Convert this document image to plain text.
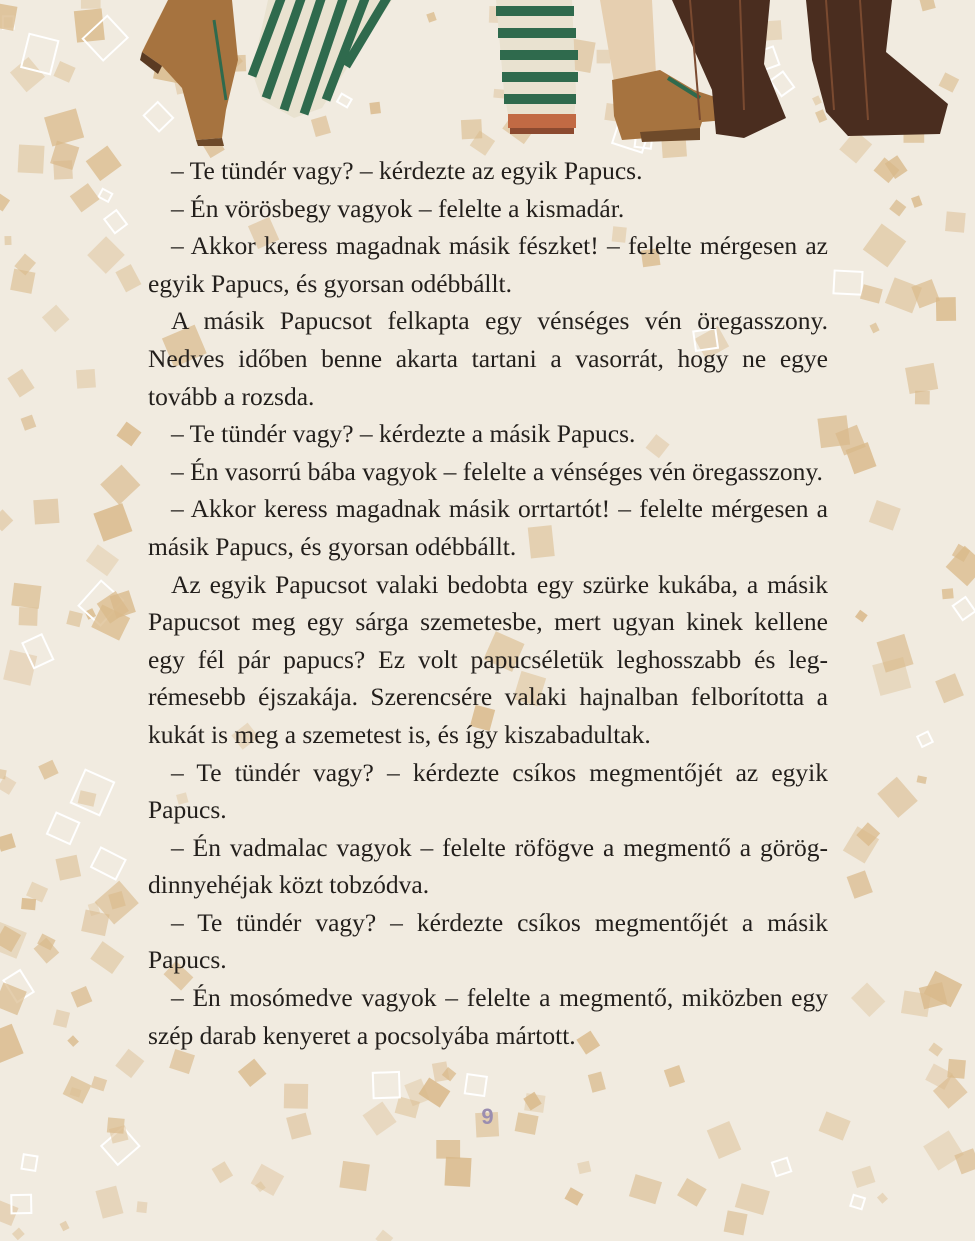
– Te tündér vagy? – kérdezte az egyik Papucs.

– Én vörösbegy vagyok – felelte a kismadár.

– Akkor keress magadnak másik fészket! – felelte mérgesen az egyik Papucs, és gyorsan odébbállt.

A másik Papucsot felkapta egy vénséges vén öregasszony. Nedves időben benne akarta tartani a vasorrát, hogy ne egye tovább a rozsda.

– Te tündér vagy? – kérdezte a másik Papucs.

– Én vasorrú bába vagyok – felelte a vénséges vén öregasszony.

– Akkor keress magadnak másik orrtartót! – felelte mérgesen a másik Papucs, és gyorsan odébbállt.

Az egyik Papucsot valaki bedobta egy szürke kukába, a másik Papucsot meg egy sárga szemetesbe, mert ugyan kinek kellene egy fél pár papucs? Ez volt papucséletük leghosszabb és legrémesebb éjszakája. Szerencsére valaki hajnalban felborította a kukát is meg a szemetest is, és így kiszabadultak.

– Te tündér vagy? – kérdezte csíkos megmentőjét az egyik Papucs.

– Én vadmalac vagyok – felelte röfögve a megmentő a görögdinnyehéjak közt tobzódva.

– Te tündér vagy? – kérdezte csíkos megmentőjét a másik Papucs.

– Én mosómedve vagyok – felelte a megmentő, miközben egy szép darab kenyeret a pocsolyába mártott.

9
